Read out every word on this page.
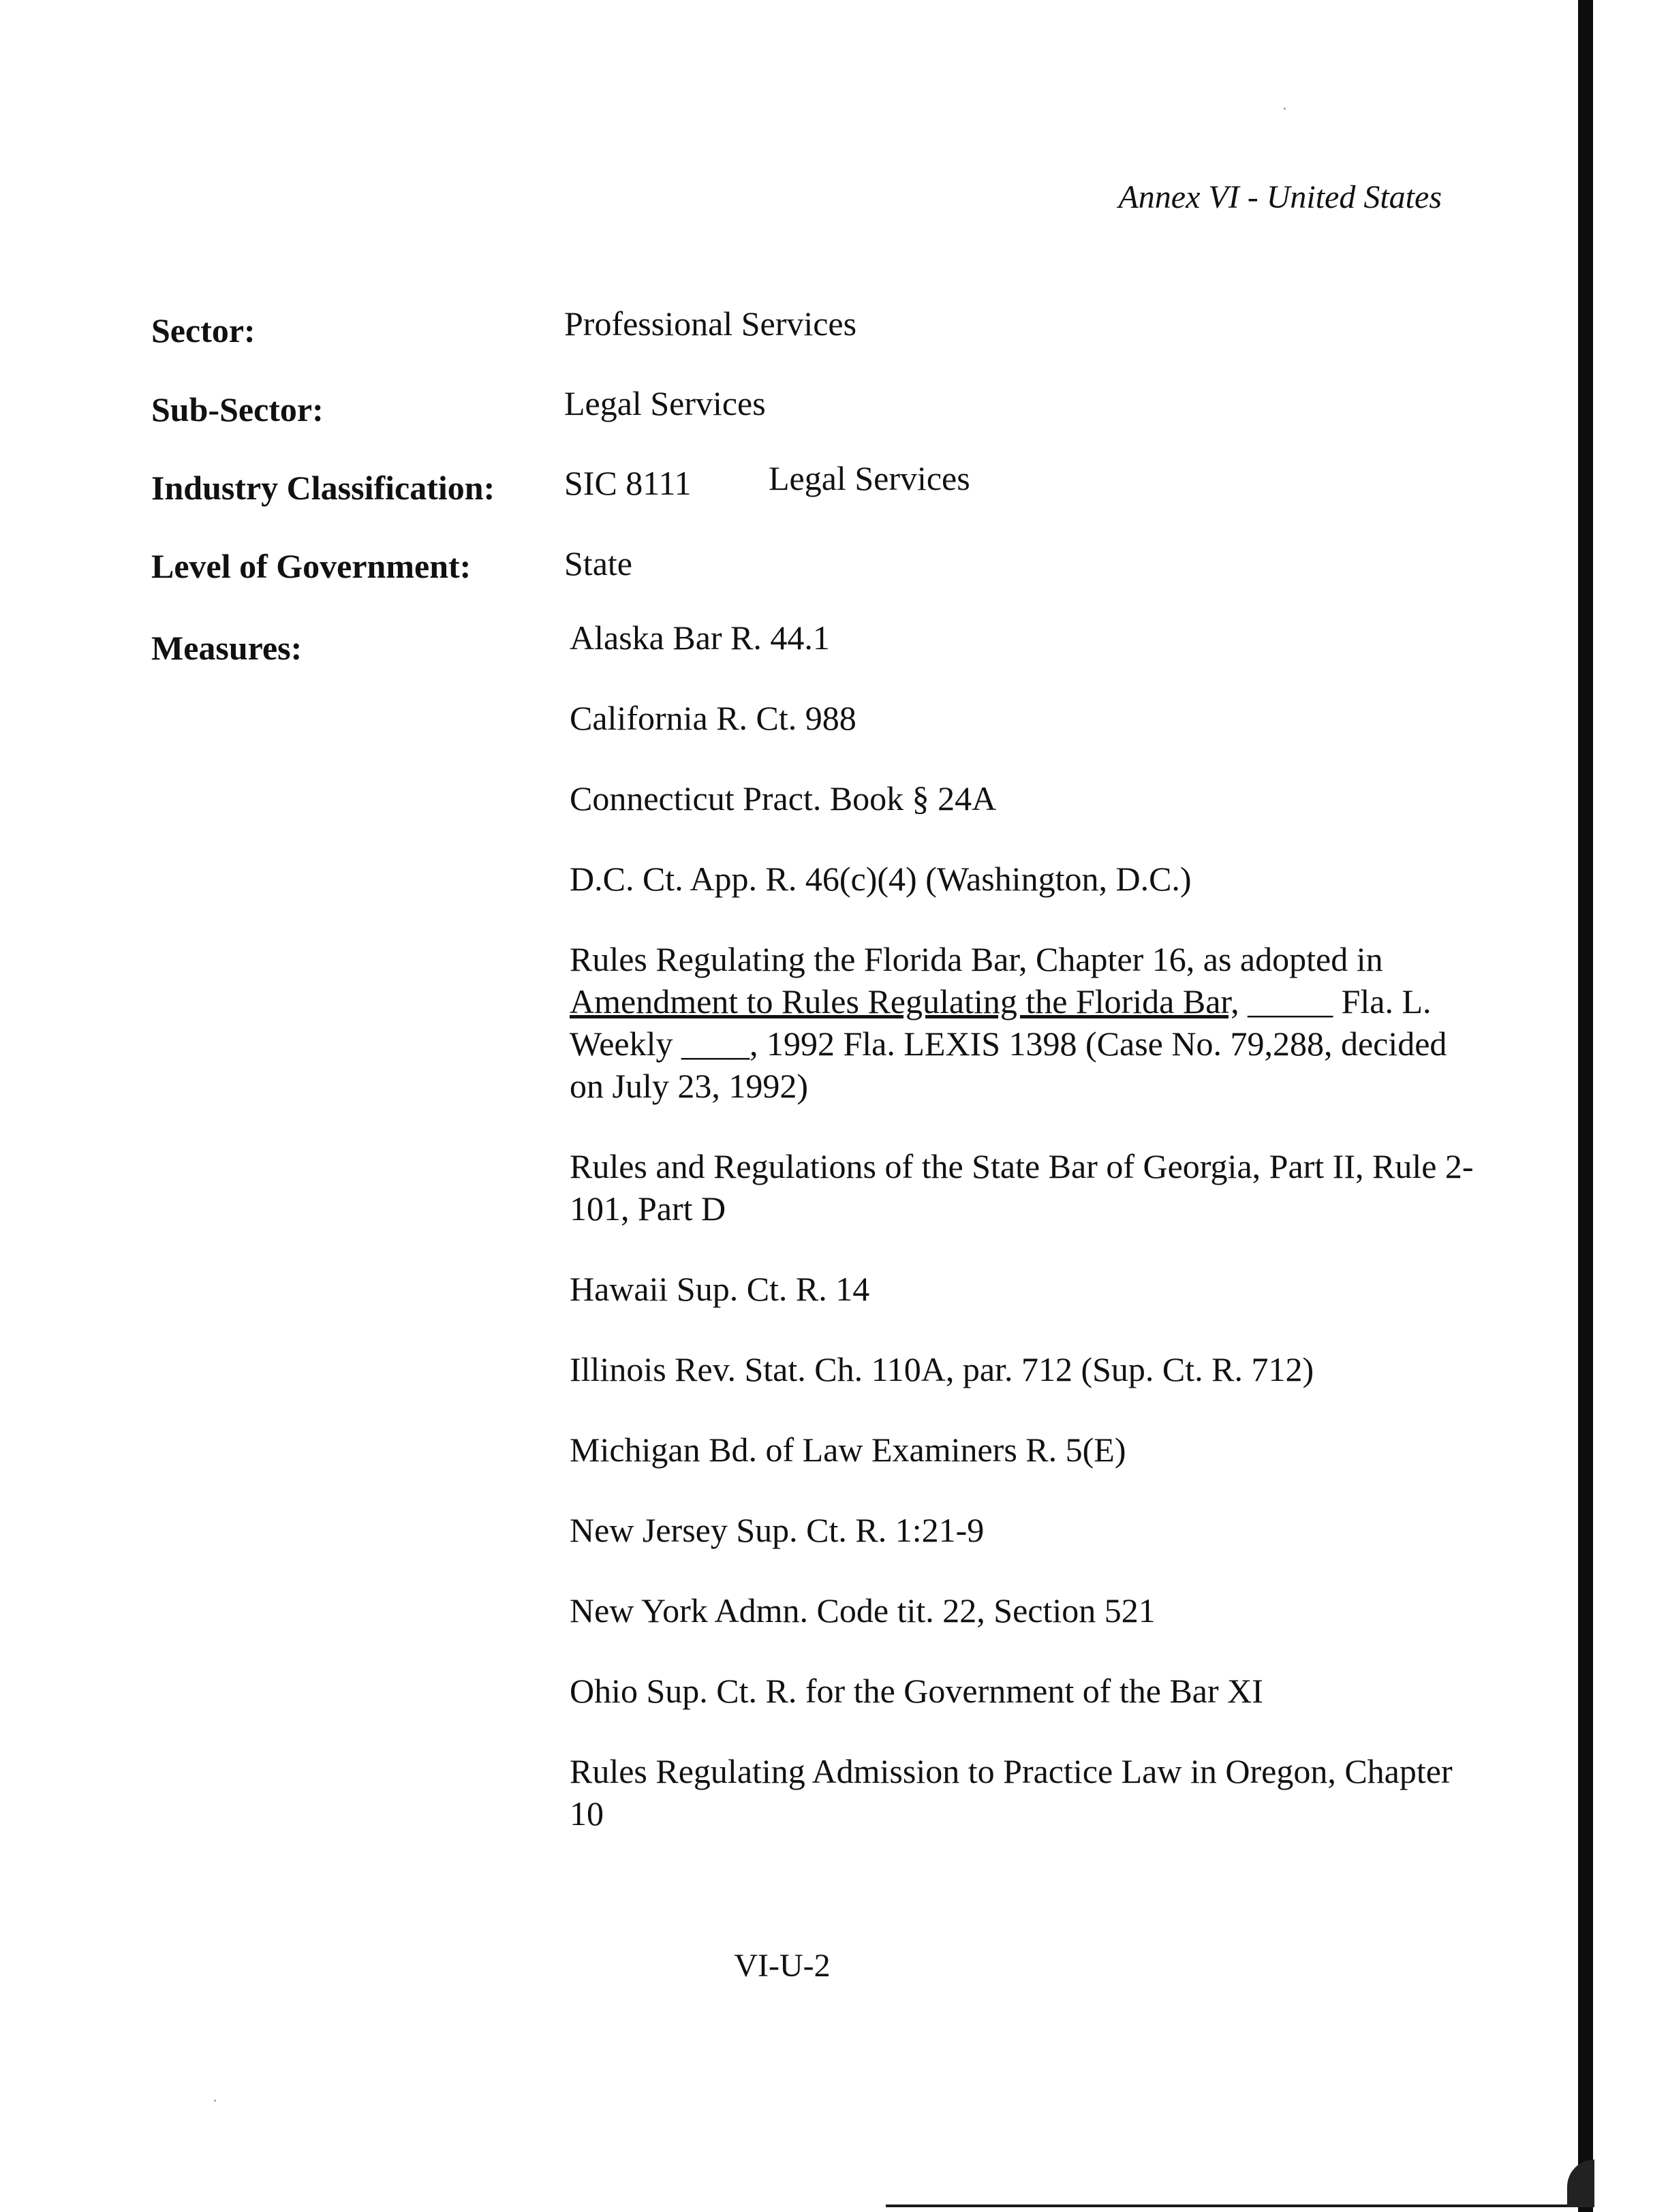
Annex VI - United States
Sector:	Professional Services
Sub-Sector:	Legal Services
Industry Classification: SIC 8111 Legal Services
Level of Government:	State
Measures:	Alaska Bar R. 44.1
California R. Ct. 988
Connecticut Pract. Book § 24A
D.C. Ct. App. R. 46(c)(4) (Washington, D.C.)
Rules Regulating the Florida Bar, Chapter 16, as adopted in Amendment to Rules Regulating the Florida Bar, _____ Fla. L. Weekly ____, 1992 Fla. LEXIS 1398 (Case No. 79,288, decided on July 23, 1992)
Rules and Regulations of the State Bar of Georgia, Part II, Rule 2-101, Part D
Hawaii Sup. Ct. R. 14
Illinois Rev. Stat. Ch. 110A, par. 712 (Sup. Ct. R. 712)
Michigan Bd. of Law Examiners R. 5(E)
New Jersey Sup. Ct. R. 1:21-9
New York Admn. Code tit. 22, Section 521
Ohio Sup. Ct. R. for the Government of the Bar XI
Rules Regulating Admission to Practice Law in Oregon, Chapter 10
VI-U-2
